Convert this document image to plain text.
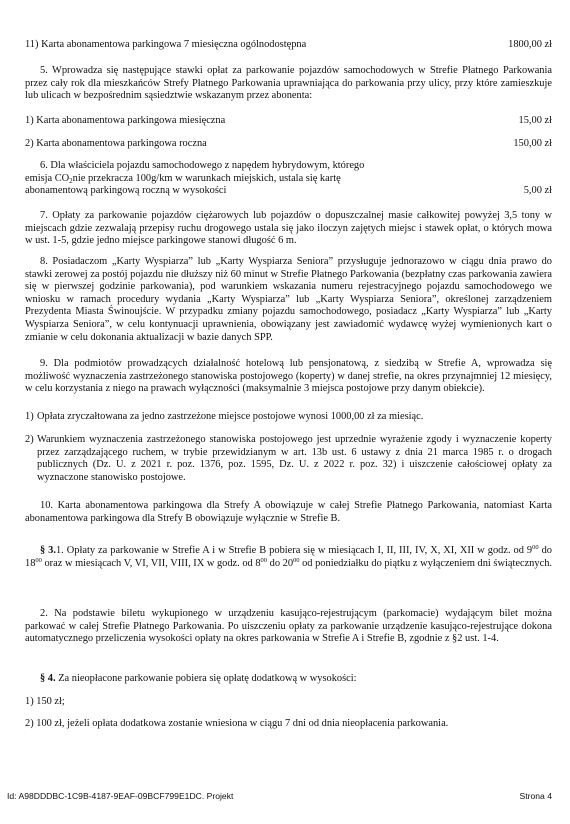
11) Karta abonamentowa parkingowa 7 miesięczna ogólnodostępna	1800,00 zł

5. Wprowadza się następujące stawki opłat za parkowanie pojazdów samochodowych w Strefie Płatnego Parkowania przez cały rok dla mieszkańców Strefy Płatnego Parkowania uprawniająca do parkowania przy ulicy, przy które zamieszkuje lub ulicach w bezpośrednim sąsiedztwie wskazanym przez abonenta:

1) Karta abonamentowa parkingowa miesięczna	15,00 zł
2) Karta abonamentowa parkingowa roczna	150,00 zł
6. Dla właściciela pojazdu samochodowego z napędem hybrydowym, którego
emisja $CO_2nie$ przekracza 100g/km w warunkach miejskich, ustala się kartę
abonamentową parkingową roczną w wysokości	5,00 zł

7. Opłaty za parkowanie pojazdów ciężarowych lub pojazdów o dopuszczalnej masie całkowitej powyżej 3,5 tony w miejscach gdzie zezwalają przepisy ruchu drogowego ustala się jako iloczyn zajętych miejsc i stawek opłat, o których mowa w ust. 1-5, gdzie jedno miejsce parkingowe stanowi długość 6 m.

8. Posiadaczom „Karty Wyspiarza” lub „Karty Wyspiarza Seniora” przysługuje jednorazowo w ciągu dnia prawo do stawki zerowej za postój pojazdu nie dłuższy niż 60 minut w Strefie Płatnego Parkowania (bezpłatny czas parkowania zawiera się w pierwszej godzinie parkowania), pod warunkiem wskazania numeru rejestracyjnego pojazdu samochodowego we wniosku w ramach procedury wydania „Karty Wyspiarza” lub „Karty Wyspiarza Seniora”, określonej zarządzeniem Prezydenta Miasta Świnoujście. W przypadku zmiany pojazdu samochodowego, posiadacz „Karty Wyspiarza” lub „Karty Wyspiarza Seniora”, w celu kontynuacji uprawnienia, obowiązany jest zawiadomić wydawcę wyżej wymienionych kart o zmianie w celu dokonania aktualizacji w bazie danych SPP.

9. Dla podmiotów prowadzących działalność hotelową lub pensjonatową, z siedzibą w Strefie A, wprowadza się możliwość wyznaczenia zastrzeżonego stanowiska postojowego (koperty) w danej strefie, na okres przynajmniej 12 miesięcy, w celu korzystania z niego na prawach wyłączności (maksymalnie 3 miejsca postojowe przy danym obiekcie).

1) Opłata zryczałtowana za jedno zastrzeżone miejsce postojowe wynosi 1000,00 zł za miesiąc.
2) Warunkiem wyznaczenia zastrzeżonego stanowiska postojowego jest uprzednie wyrażenie zgody i wyznaczenie koperty przez zarządzającego ruchem, w trybie przewidzianym w art. 13b ust. 6 ustawy z dnia 21 marca 1985 r. o drogach publicznych (Dz. U. z 2021 r. poz. 1376, poz. 1595, Dz. U. z 2022 r. poz. 32) i uiszczenie całościowej opłaty za wyznaczone stanowisko postojowe.

10. Karta abonamentowa parkingowa dla Strefy A obowiązuje w całej Strefie Płatnego Parkowania, natomiast Karta abonamentowa parkingowa dla Strefy B obowiązuje wyłącznie w Strefie B.

§ 3.1. Opłaty za parkowanie w Strefie A i w Strefie B pobiera się w miesiącach I, II, III, IV, X, XI, XII w godz. od $9^{00}$ do $18^{00}$ oraz w miesiącach V, VI, VII, VIII, IX w godz. od $8^{00}$ do $20^{00}$ od poniedziałku do piątku z wyłączeniem dni świątecznych.

2. Na podstawie biletu wykupionego w urządzeniu kasująco-rejestrującym (parkomacie) wydającym bilet można parkować w całej Strefie Płatnego Parkowania. Po uiszczeniu opłaty za parkowanie urządzenie kasująco-rejestrujące dokona automatycznego przeliczenia wysokości opłaty na okres parkowania w Strefie A i Strefie B, zgodnie z §2 ust. 1-4.

§ 4. Za nieopłacone parkowanie pobiera się opłatę dodatkową w wysokości:

1) 150 zł;

2) 100 zł, jeżeli opłata dodatkowa zostanie wniesiona w ciągu 7 dni od dnia nieopłacenia parkowania.

Id: A98DDDBC-1C9B-4187-9EAF-09BCF799E1DC. Projekt	Strona 4
